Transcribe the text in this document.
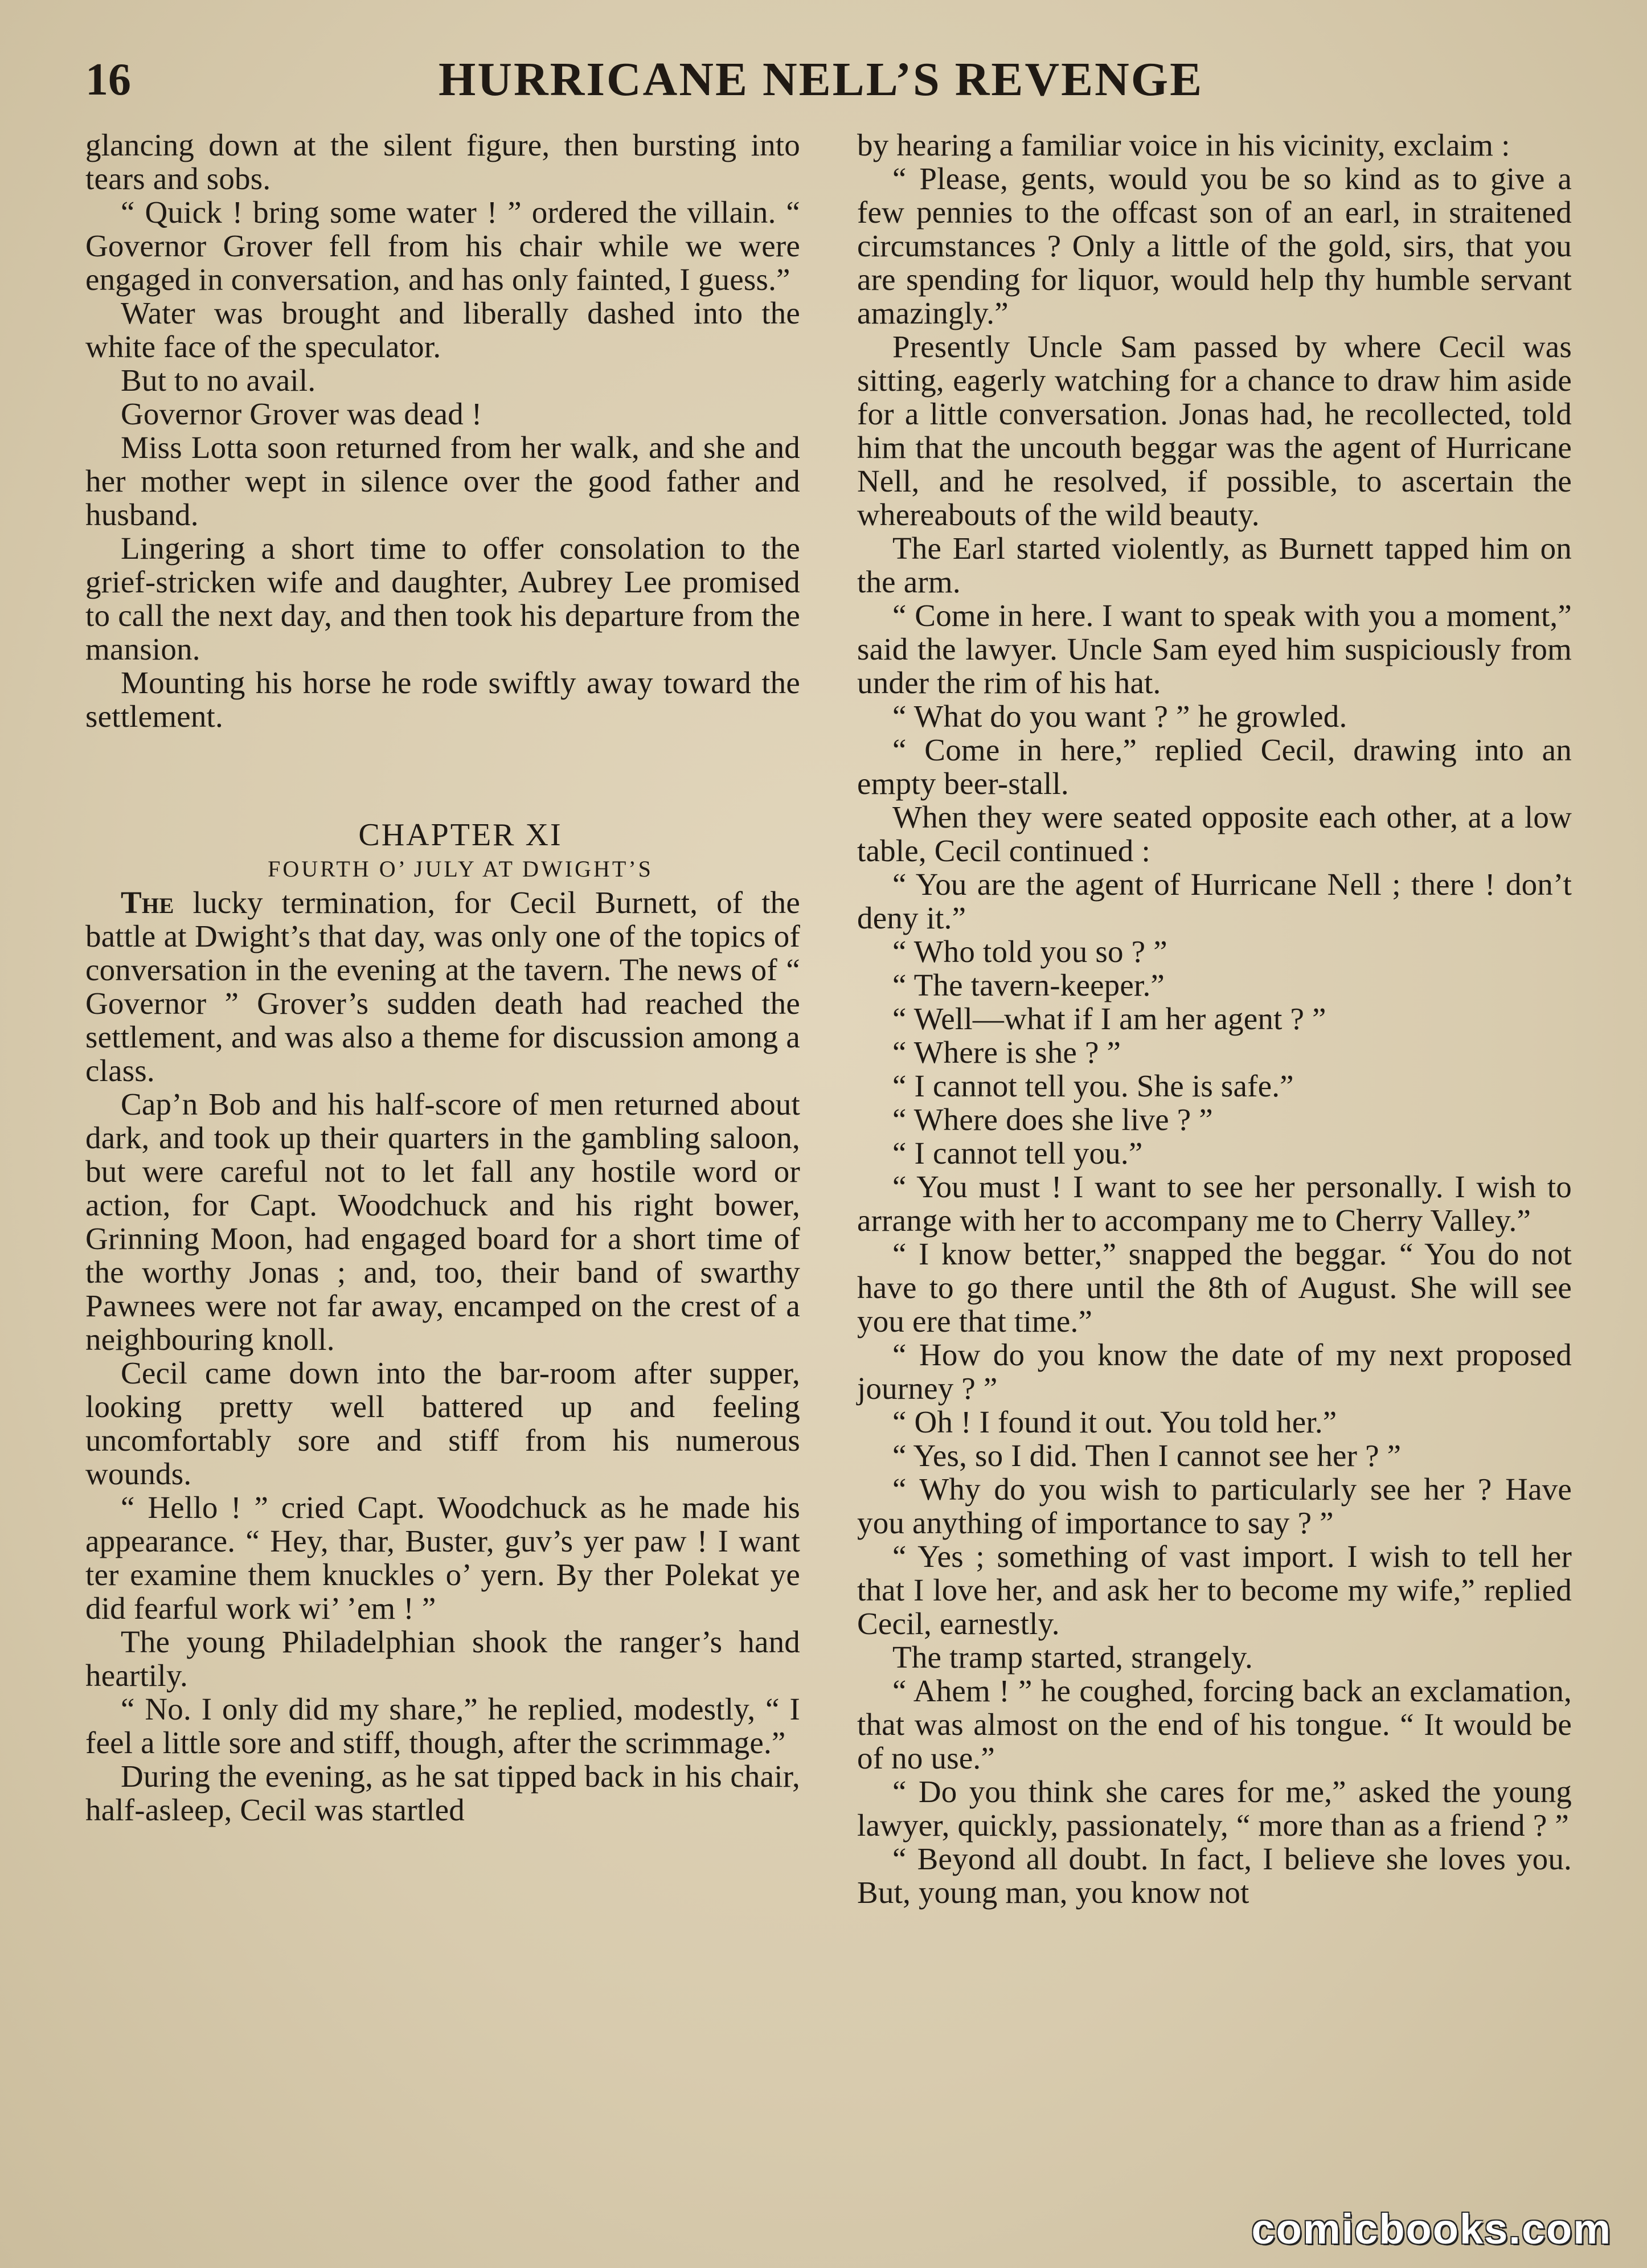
16	HURRICANE NELL’S REVENGE

glancing down at the silent figure, then bursting into tears and sobs.

“ Quick ! bring some water ! ” ordered the villain. “ Governor Grover fell from his chair while we were engaged in conversation, and has only fainted, I guess.”

Water was brought and liberally dashed into the white face of the speculator.

But to no avail.

Governor Grover was dead !

Miss Lotta soon returned from her walk, and she and her mother wept in silence over the good father and husband.

Lingering a short time to offer consolation to the grief-stricken wife and daughter, Aubrey Lee promised to call the next day, and then took his departure from the mansion.

Mounting his horse he rode swiftly away toward the settlement.

CHAPTER XI

FOURTH O’ JULY AT DWIGHT’S

The lucky termination, for Cecil Burnett, of the battle at Dwight’s that day, was only one of the topics of conversation in the evening at the tavern. The news of “ Governor ” Grover’s sudden death had reached the settlement, and was also a theme for discussion among a class.

Cap’n Bob and his half-score of men returned about dark, and took up their quarters in the gambling saloon, but were careful not to let fall any hostile word or action, for Capt. Woodchuck and his right bower, Grinning Moon, had engaged board for a short time of the worthy Jonas ; and, too, their band of swarthy Pawnees were not far away, encamped on the crest of a neighbouring knoll.

Cecil came down into the bar-room after supper, looking pretty well battered up and feeling uncomfortably sore and stiff from his numerous wounds.

“ Hello ! ” cried Capt. Woodchuck as he made his appearance. “ Hey, thar, Buster, guv’s yer paw ! I want ter examine them knuckles o’ yern. By ther Polekat ye did fearful work wi’ ’em ! ”

The young Philadelphian shook the ranger’s hand heartily.

“ No. I only did my share,” he replied, modestly, “ I feel a little sore and stiff, though, after the scrimmage.”

During the evening, as he sat tipped back in his chair, half-asleep, Cecil was startled

by hearing a familiar voice in his vicinity, exclaim :

“ Please, gents, would you be so kind as to give a few pennies to the offcast son of an earl, in straitened circumstances ? Only a little of the gold, sirs, that you are spending for liquor, would help thy humble servant amazingly.”

Presently Uncle Sam passed by where Cecil was sitting, eagerly watching for a chance to draw him aside for a little conversation. Jonas had, he recollected, told him that the uncouth beggar was the agent of Hurricane Nell, and he resolved, if possible, to ascertain the whereabouts of the wild beauty.

The Earl started violently, as Burnett tapped him on the arm.

“ Come in here. I want to speak with you a moment,” said the lawyer. Uncle Sam eyed him suspiciously from under the rim of his hat.

“ What do you want ? ” he growled.

“ Come in here,” replied Cecil, drawing into an empty beer-stall.

When they were seated opposite each other, at a low table, Cecil continued :

“ You are the agent of Hurricane Nell ; there ! don’t deny it.”

“ Who told you so ? ”

“ The tavern-keeper.”

“ Well—what if I am her agent ? ”

“ Where is she ? ”

“ I cannot tell you. She is safe.”

“ Where does she live ? ”

“ I cannot tell you.”

“ You must ! I want to see her personally. I wish to arrange with her to accompany me to Cherry Valley.”

“ I know better,” snapped the beggar. “ You do not have to go there until the 8th of August. She will see you ere that time.”

“ How do you know the date of my next proposed journey ? ”

“ Oh ! I found it out. You told her.”

“ Yes, so I did. Then I cannot see her ? ”

“ Why do you wish to particularly see her ? Have you anything of importance to say ? ”

“ Yes ; something of vast import. I wish to tell her that I love her, and ask her to become my wife,” replied Cecil, earnestly.

The tramp started, strangely.

“ Ahem ! ” he coughed, forcing back an exclamation, that was almost on the end of his tongue. “ It would be of no use.”

“ Do you think she cares for me,” asked the young lawyer, quickly, passionately, “ more than as a friend ? ”

“ Beyond all doubt. In fact, I believe she loves you. But, young man, you know not

comicbooks.com
